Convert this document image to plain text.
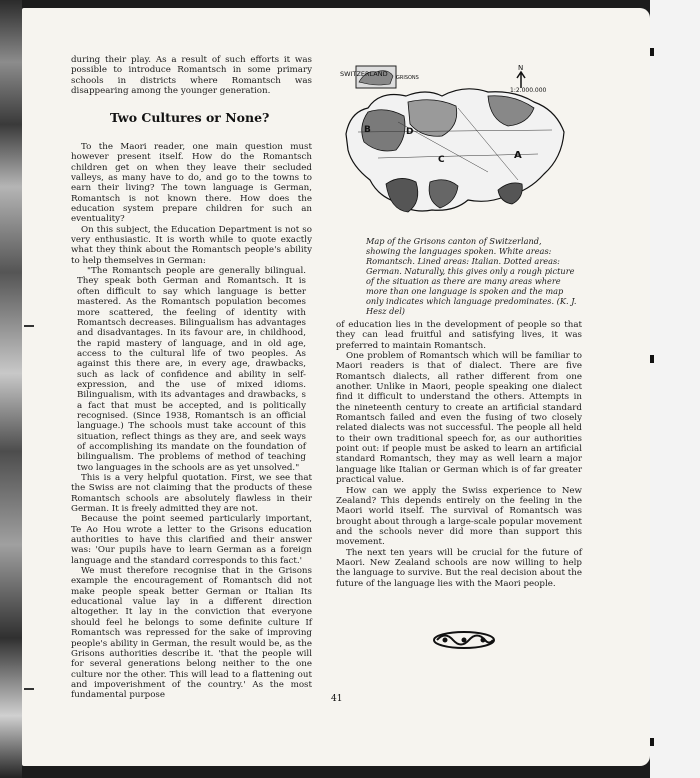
during their play. As a result of such efforts it was possible to introduce Romantsch in some primary schools in districts where Romantsch was disappearing among the younger generation.

Two Cultures or None?

To the Maori reader, one main question must however present itself. How do the Romantsch children get on when they leave their secluded valleys, as many have to do, and go to the towns to earn their living? The town language is German, Romantsch is not known there. How does the education system prepare children for such an eventuality?

On this subject, the Education Department is not so very enthusiastic. It is worth while to quote exactly what they think about the Romantsch people's ability to help themselves in German:

"The Romantsch people are generally bilingual. They speak both German and Romantsch. It is often difficult to say which language is better mastered. As the Romantsch population becomes more scattered, the feeling of identity with Romantsch decreases. Bilingualism has advantages and disadvantages. In its favour are, in childhood, the rapid mastery of language, and in old age, access to the cultural life of two peoples. As against this there are, in every age, drawbacks, such as lack of confidence and ability in self-expression, and the use of mixed idioms. Bilingualism, with its advantages and drawbacks, s a fact that must be accepted, and is politically recognised. (Since 1938, Romantsch is an official language.) The schools must take account of this situation, reflect things as they are, and seek ways of accomplishing its mandate on the foundation of bilingualism. The problems of method of teaching two languages in the schools are as yet unsolved."

This is a very helpful quotation. First, we see that the Swiss are not claiming that the products of these Romantsch schools are absolutely flawless in their German. It is freely admitted they are not.

Because the point seemed particularly important, Te Ao Hou wrote a letter to the Grisons education authorities to have this clarified and their answer was: 'Our pupils have to learn German as a foreign language and the standard corresponds to this fact.'

We must therefore recognise that in the Grisons example the encouragement of Romantsch did not make people speak better German or Italian Its educational value lay in a different direction altogether. It lay in the conviction that everyone should feel he belongs to some definite culture If Romantsch was repressed for the sake of improving people's ability in German, the result would be, as the Grisons authorities describe it. 'that the people will for several generations belong neither to the one culture nor the other. This will lead to a flattening out and impoverishment of the country.' As the most fundamental purpose

SWITZERLAND GRISONS
N
1:2.000.000
B	D
C	A
Map of the Grisons canton of Switzerland, showing the languages spoken. White areas: Romantsch. Lined areas: Italian. Dotted areas: German. Naturally, this gives only a rough picture of the situation as there are many areas where more than one language is spoken and the map only indicates which language predominates. (K. J. Hesz del)

of education lies in the development of people so that they can lead fruitful and satisfying lives, it was preferred to maintain Romantsch.

One problem of Romantsch which will be familiar to Maori readers is that of dialect. There are five Romantsch dialects, all rather different from one another. Unlike in Maori, people speaking one dialect find it difficult to understand the others. Attempts in the nineteenth century to create an artificial standard Romantsch failed and even the fusing of two closely related dialects was not successful. The people all held to their own traditional speech for, as our authorities point out: if people must be asked to learn an artificial standard Romantsch, they may as well learn a major language like Italian or German which is of far greater practical value.

How can we apply the Swiss experience to New Zealand? This depends entirely on the feeling in the Maori world itself. The survival of Romantsch was brought about through a large-scale popular movement and the schools never did more than support this movement.

The next ten years will be crucial for the future of Maori. New Zealand schools are now willing to help the language to survive. But the real decision about the future of the language lies with the Maori people.

41
